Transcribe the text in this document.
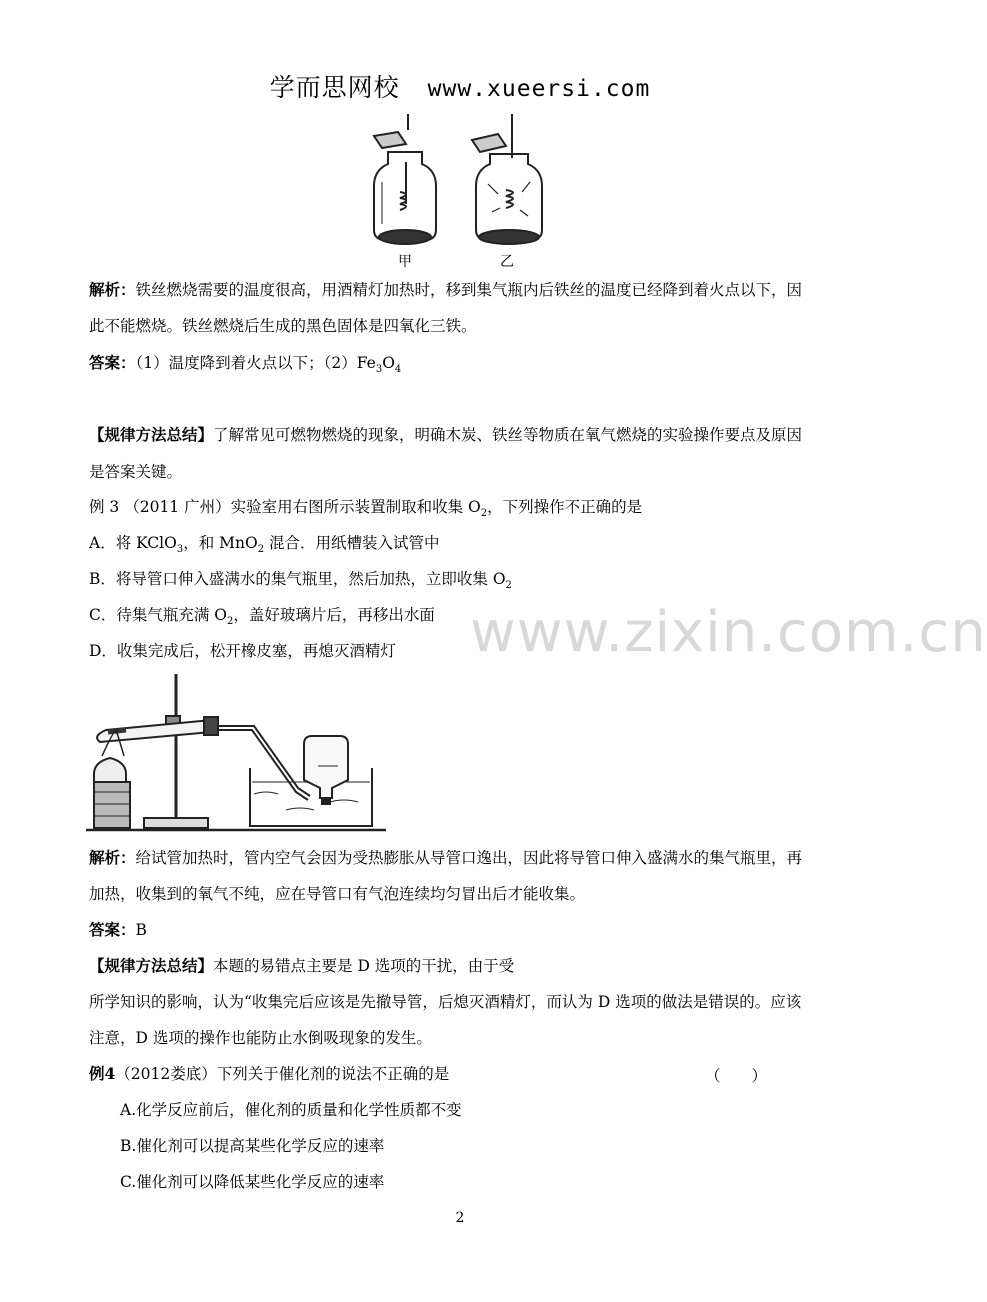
学而思网校 www.xueersi.com
甲	乙
解析：铁丝燃烧需要的温度很高，用酒精灯加热时，移到集气瓶内后铁丝的温度已经降到着火点以下，因
此不能燃烧。铁丝燃烧后生成的黑色固体是四氧化三铁。
答案：（1）温度降到着火点以下；$(2)Fe_3O_4$
【规律方法总结】了解常见可燃物燃烧的现象，明确木炭、铁丝等物质在氧气燃烧的实验操作要点及原因
是答案关键。
例 3 （2011 广州）实验室用右图所示装置制取和收集 $O_2$，下列操作不正确的是
A．将 KClO$_3$，和 MnO$_2$ 混合．用纸槽装入试管中
B．将导管口伸入盛满水的集气瓶里，然后加热，立即收集 $O_2$
C．待集气瓶充满 $O_2$，盖好玻璃片后，再移出水面
D．收集完成后，松开橡皮塞，再熄灭酒精灯 www.zixin.com.cn
解析：给试管加热时，管内空气会因为受热膨胀从导管口逸出，因此将导管口伸入盛满水的集气瓶里，再
加热，收集到的氧气不纯，应在导管口有气泡连续均匀冒出后才能收集。
答案：B
【规律方法总结】本题的易错点主要是 D 选项的干扰，由于受
所学知识的影响，认为“收集完后应该是先撤导管，后熄灭酒精灯，而认为 D 选项的做法是错误的。应该
注意，D 选项的操作也能防止水倒吸现象的发生。
例4（2012娄底）下列关于催化剂的说法不正确的是	（　　）
A.化学反应前后，催化剂的质量和化学性质都不变
B.催化剂可以提高某些化学反应的速率
C.催化剂可以降低某些化学反应的速率
2
